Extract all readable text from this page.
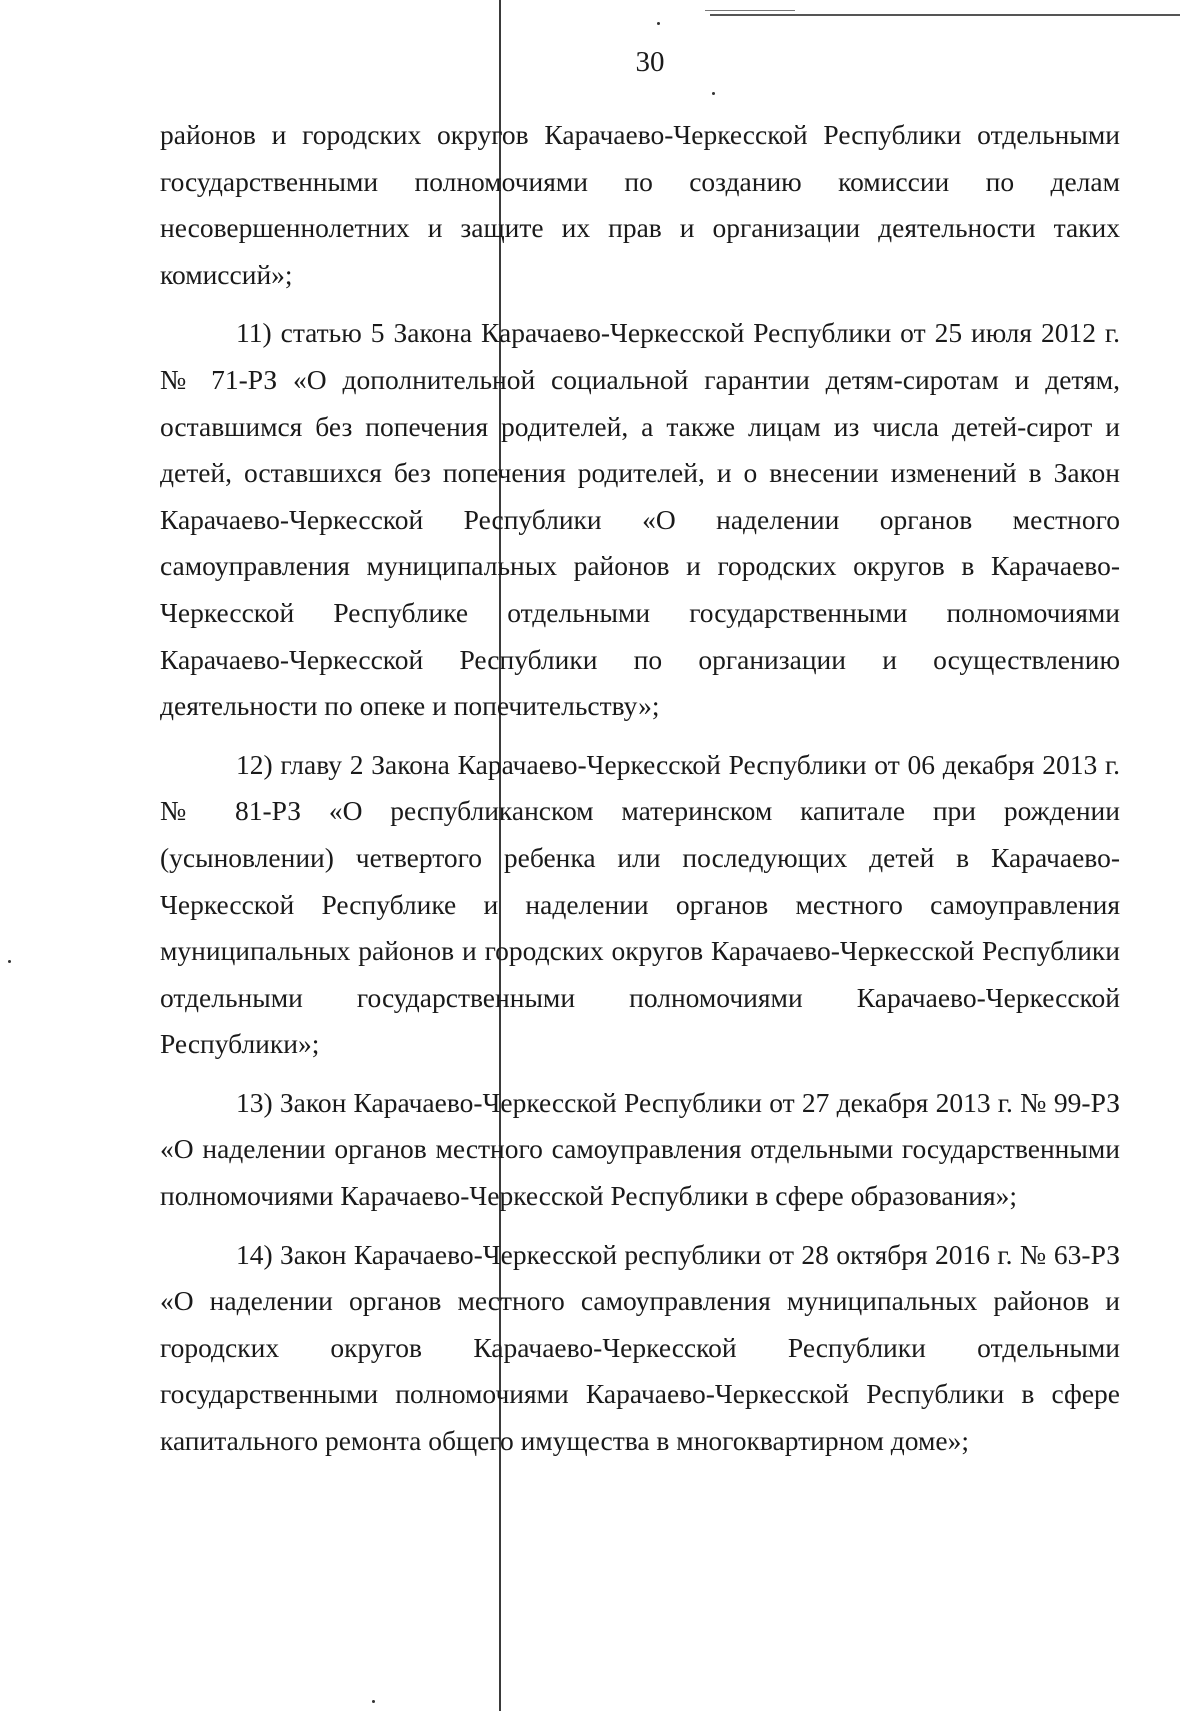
30

районов и городских округов Карачаево-Черкесской Республики отдельными государственными полномочиями по созданию комиссии по делам несовершеннолетних и защите их прав и организации деятельности таких комиссий»;

11) статью 5 Закона Карачаево-Черкесской Республики от 25 июля 2012 г. № 71-РЗ «О дополнительной социальной гарантии детям-сиротам и детям, оставшимся без попечения родителей, а также лицам из числа детей-сирот и детей, оставшихся без попечения родителей, и о внесении изменений в Закон Карачаево-Черкесской Республики «О наделении органов местного самоуправления муниципальных районов и городских округов в Карачаево-Черкесской Республике отдельными государственными полномочиями Карачаево-Черкесской Республики по организации и осуществлению деятельности по опеке и попечительству»;

12) главу 2 Закона Карачаево-Черкесской Республики от 06 декабря 2013 г. № 81-РЗ «О республиканском материнском капитале при рождении (усыновлении) четвертого ребенка или последующих детей в Карачаево-Черкесской Республике и наделении органов местного самоуправления муниципальных районов и городских округов Карачаево-Черкесской Республики отдельными государственными полномочиями Карачаево-Черкесской Республики»;

13) Закон Карачаево-Черкесской Республики от 27 декабря 2013 г. № 99-РЗ «О наделении органов местного самоуправления отдельными государственными полномочиями Карачаево-Черкесской Республики в сфере образования»;

14) Закон Карачаево-Черкесской республики от 28 октября 2016 г. № 63-РЗ «О наделении органов местного самоуправления муниципальных районов и городских округов Карачаево-Черкесской Республики отдельными государственными полномочиями Карачаево-Черкесской Республики в сфере капитального ремонта общего имущества в многоквартирном доме»;
